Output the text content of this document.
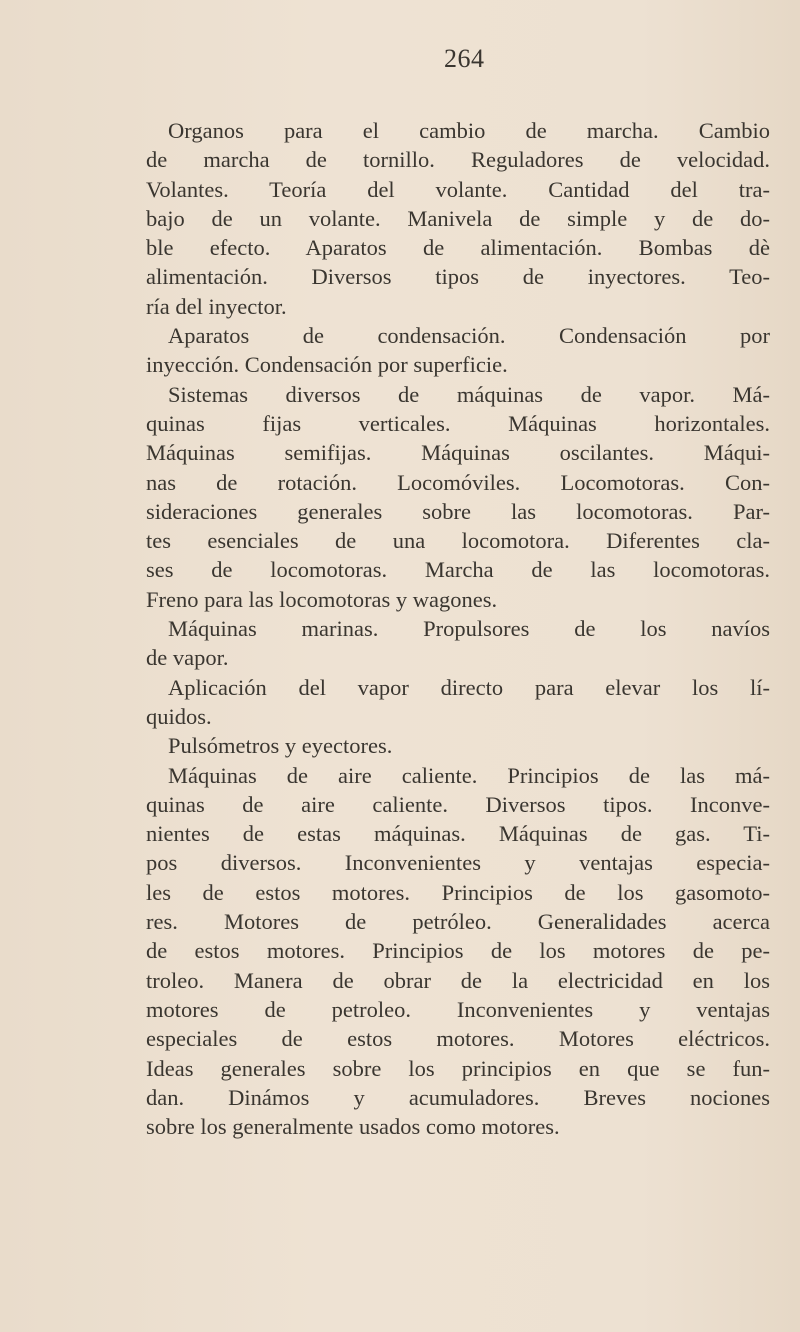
264
Organos para el cambio de marcha. Cambio
de marcha de tornillo. Reguladores de velocidad.
Volantes. Teoría del volante. Cantidad del tra-
bajo de un volante. Manivela de simple y de do-
ble efecto. Aparatos de alimentación. Bombas dè
alimentación. Diversos tipos de inyectores. Teo-
ría del inyector.
Aparatos de condensación. Condensación por
inyección. Condensación por superficie.
Sistemas diversos de máquinas de vapor. Má-
quinas fijas verticales. Máquinas horizontales.
Máquinas semifijas. Máquinas oscilantes. Máqui-
nas de rotación. Locomóviles. Locomotoras. Con-
sideraciones generales sobre las locomotoras. Par-
tes esenciales de una locomotora. Diferentes cla-
ses de locomotoras. Marcha de las locomotoras.
Freno para las locomotoras y wagones.
Máquinas marinas. Propulsores de los navíos
de vapor.
Aplicación del vapor directo para elevar los lí-
quidos.
Pulsómetros y eyectores.
Máquinas de aire caliente. Principios de las má-
quinas de aire caliente. Diversos tipos. Inconve-
nientes de estas máquinas. Máquinas de gas. Ti-
pos diversos. Inconvenientes y ventajas especia-
les de estos motores. Principios de los gasomoto-
res. Motores de petróleo. Generalidades acerca
de estos motores. Principios de los motores de pe-
troleo. Manera de obrar de la electricidad en los
motores de petroleo. Inconvenientes y ventajas
especiales de estos motores. Motores eléctricos.
Ideas generales sobre los principios en que se fun-
dan. Dinámos y acumuladores. Breves nociones
sobre los generalmente usados como motores.
